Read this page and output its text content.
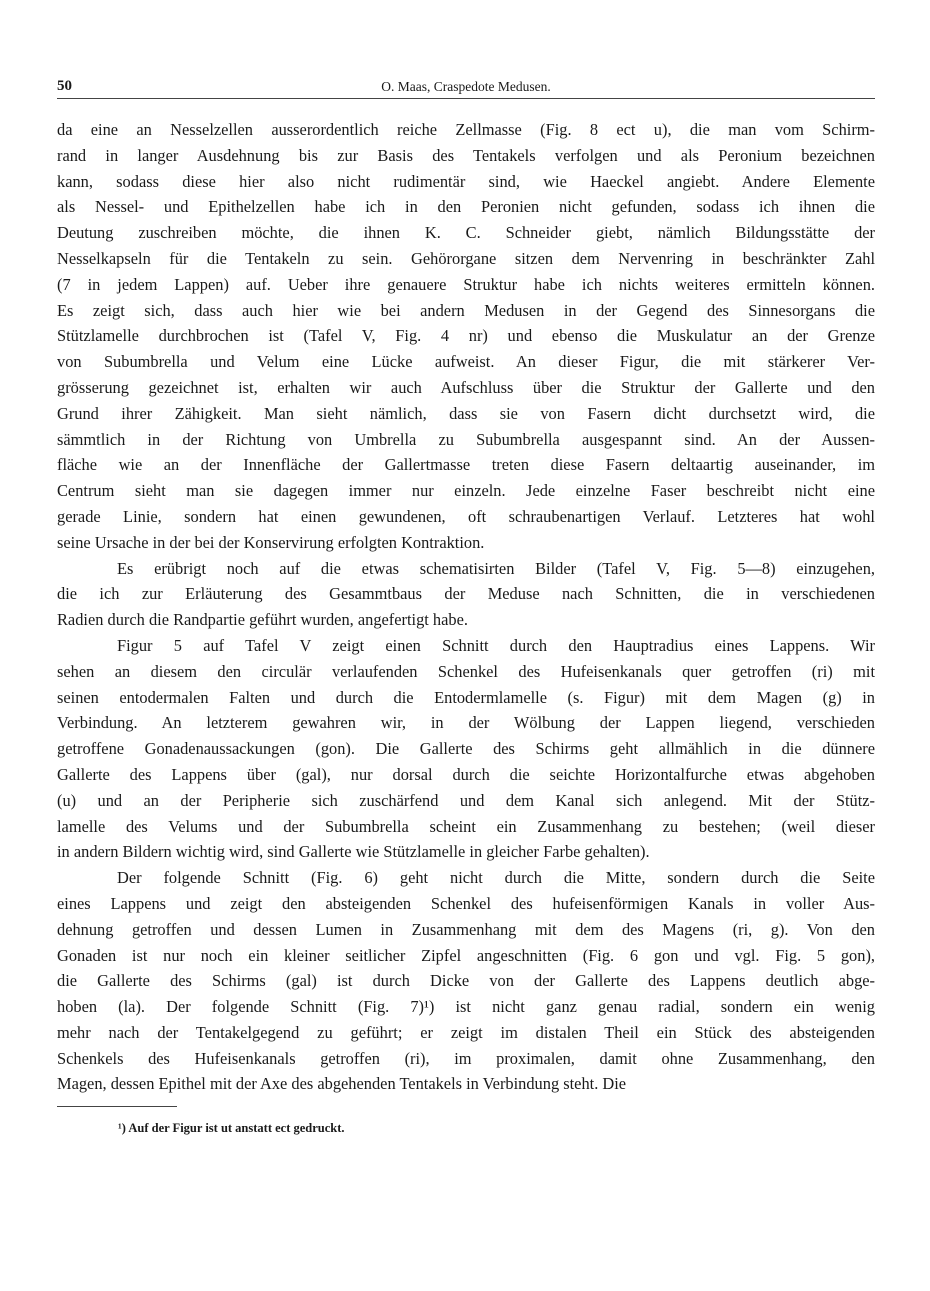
50	O. Maas, Craspedote Medusen.

da eine an Nesselzellen ausserordentlich reiche Zellmasse (Fig. 8 ect u), die man vom Schirm-
rand in langer Ausdehnung bis zur Basis des Tentakels verfolgen und als Peronium bezeichnen
kann, sodass diese hier also nicht rudimentär sind, wie Haeckel angiebt. Andere Elemente
als Nessel- und Epithelzellen habe ich in den Peronien nicht gefunden, sodass ich ihnen die
Deutung zuschreiben möchte, die ihnen K. C. Schneider giebt, nämlich Bildungsstätte der
Nesselkapseln für die Tentakeln zu sein. Gehörorgane sitzen dem Nervenring in beschränkter Zahl
(7 in jedem Lappen) auf. Ueber ihre genauere Struktur habe ich nichts weiteres ermitteln können.
Es zeigt sich, dass auch hier wie bei andern Medusen in der Gegend des Sinnesorgans die
Stützlamelle durchbrochen ist (Tafel V, Fig. 4 nr) und ebenso die Muskulatur an der Grenze
von Subumbrella und Velum eine Lücke aufweist. An dieser Figur, die mit stärkerer Ver-
grösserung gezeichnet ist, erhalten wir auch Aufschluss über die Struktur der Gallerte und den
Grund ihrer Zähigkeit. Man sieht nämlich, dass sie von Fasern dicht durchsetzt wird, die
sämmtlich in der Richtung von Umbrella zu Subumbrella ausgespannt sind. An der Aussen-
fläche wie an der Innenfläche der Gallertmasse treten diese Fasern deltaartig auseinander, im
Centrum sieht man sie dagegen immer nur einzeln. Jede einzelne Faser beschreibt nicht eine
gerade Linie, sondern hat einen gewundenen, oft schraubenartigen Verlauf. Letzteres hat wohl
seine Ursache in der bei der Konservirung erfolgten Kontraktion.

Es erübrigt noch auf die etwas schematisirten Bilder (Tafel V, Fig. 5—8) einzugehen,
die ich zur Erläuterung des Gesammtbaus der Meduse nach Schnitten, die in verschiedenen
Radien durch die Randpartie geführt wurden, angefertigt habe.

Figur 5 auf Tafel V zeigt einen Schnitt durch den Hauptradius eines Lappens. Wir
sehen an diesem den circulär verlaufenden Schenkel des Hufeisenkanals quer getroffen (ri) mit
seinen entodermalen Falten und durch die Entodermlamelle (s. Figur) mit dem Magen (g) in
Verbindung. An letzterem gewahren wir, in der Wölbung der Lappen liegend, verschieden
getroffene Gonadenaussackungen (gon). Die Gallerte des Schirms geht allmählich in die dünnere
Gallerte des Lappens über (gal), nur dorsal durch die seichte Horizontalfurche etwas abgehoben
(u) und an der Peripherie sich zuschärfend und dem Kanal sich anlegend. Mit der Stütz-
lamelle des Velums und der Subumbrella scheint ein Zusammenhang zu bestehen; (weil dieser
in andern Bildern wichtig wird, sind Gallerte wie Stützlamelle in gleicher Farbe gehalten).

Der folgende Schnitt (Fig. 6) geht nicht durch die Mitte, sondern durch die Seite
eines Lappens und zeigt den absteigenden Schenkel des hufeisenförmigen Kanals in voller Aus-
dehnung getroffen und dessen Lumen in Zusammenhang mit dem des Magens (ri, g). Von den
Gonaden ist nur noch ein kleiner seitlicher Zipfel angeschnitten (Fig. 6 gon und vgl. Fig. 5 gon),
die Gallerte des Schirms (gal) ist durch Dicke von der Gallerte des Lappens deutlich abge-
hoben (la). Der folgende Schnitt (Fig. 7)¹) ist nicht ganz genau radial, sondern ein wenig
mehr nach der Tentakelgegend zu geführt; er zeigt im distalen Theil ein Stück des absteigenden
Schenkels des Hufeisenkanals getroffen (ri), im proximalen, damit ohne Zusammenhang, den
Magen, dessen Epithel mit der Axe des abgehenden Tentakels in Verbindung steht. Die

¹) Auf der Figur ist ut anstatt ect gedruckt.
